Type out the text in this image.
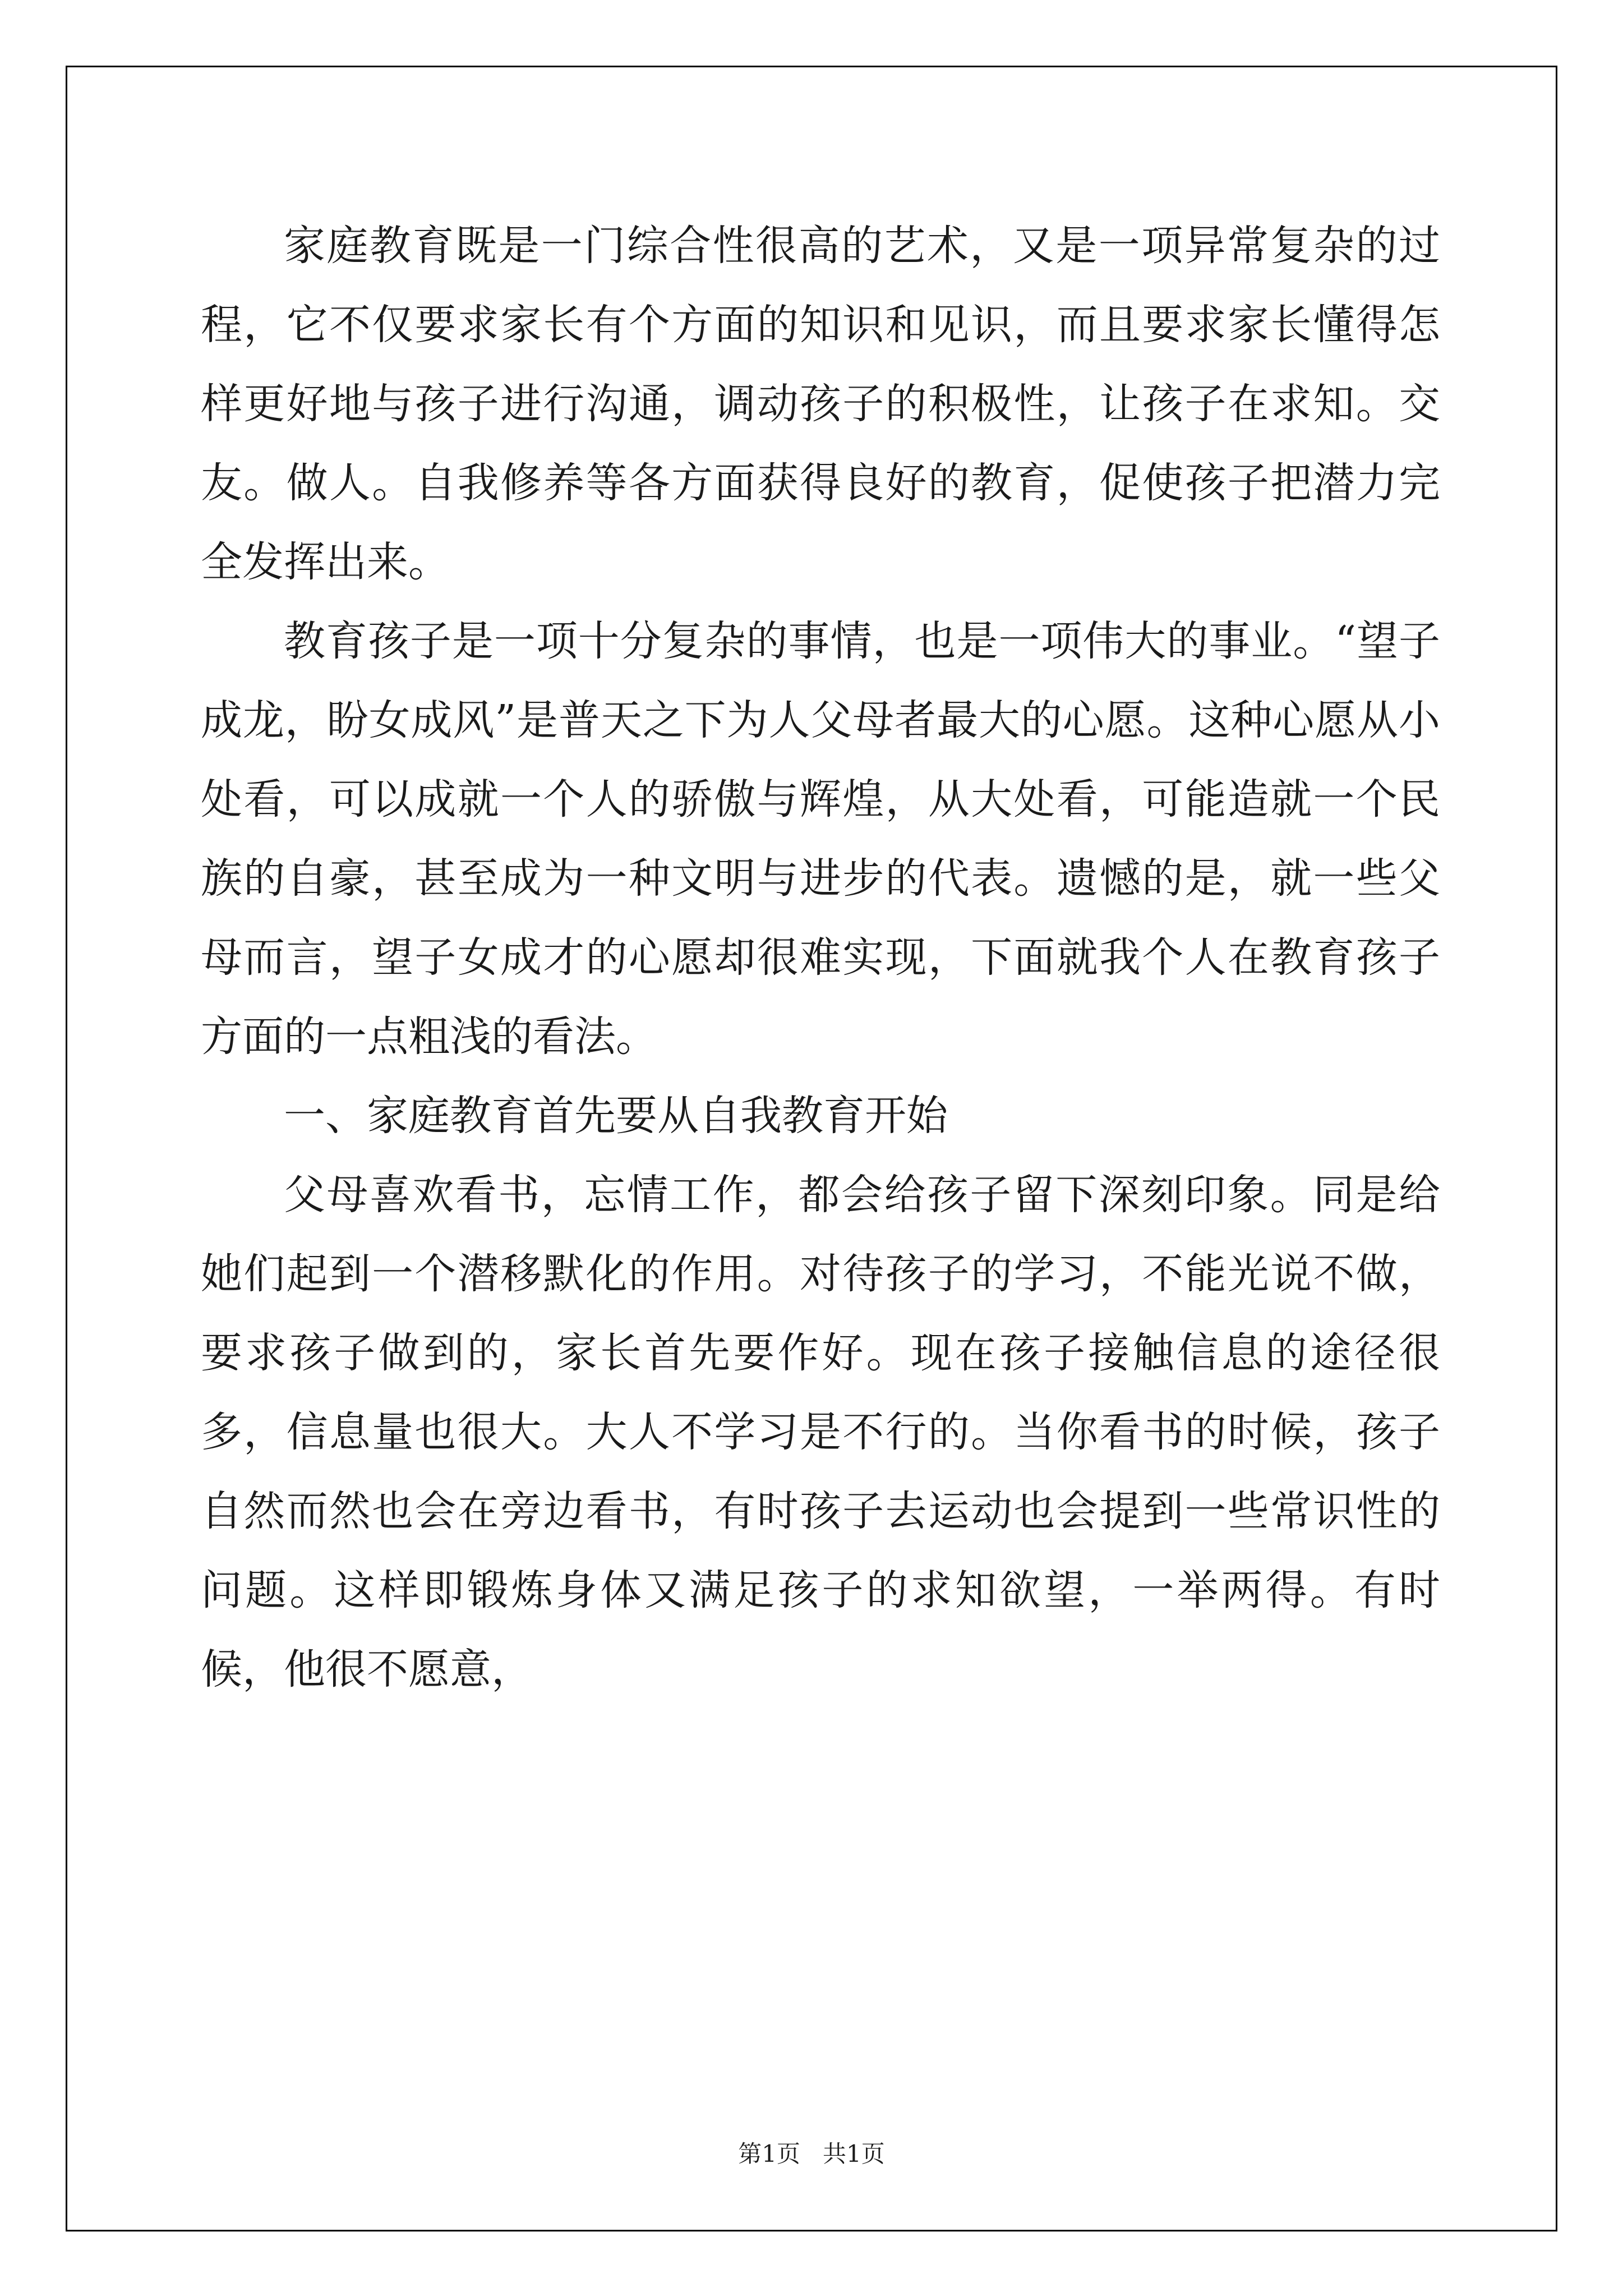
家庭教育既是一门综合性很高的艺术，又是一项异常复杂的过程，它不仅要求家长有个方面的知识和见识，而且要求家长懂得怎样更好地与孩子进行沟通，调动孩子的积极性，让孩子在求知。交友。做人。自我修养等各方面获得良好的教育，促使孩子把潜力完全发挥出来。

教育孩子是一项十分复杂的事情，也是一项伟大的事业。“望子成龙，盼女成风”是普天之下为人父母者最大的心愿。这种心愿从小处看，可以成就一个人的骄傲与辉煌，从大处看，可能造就一个民族的自豪，甚至成为一种文明与进步的代表。遗憾的是，就一些父母而言，望子女成才的心愿却很难实现，下面就我个人在教育孩子方面的一点粗浅的看法。

一、家庭教育首先要从自我教育开始

父母喜欢看书，忘情工作，都会给孩子留下深刻印象。同是给她们起到一个潜移默化的作用。对待孩子的学习，不能光说不做，要求孩子做到的，家长首先要作好。现在孩子接触信息的途径很多，信息量也很大。大人不学习是不行的。当你看书的时候，孩子自然而然也会在旁边看书，有时孩子去运动也会提到一些常识性的问题。这样即锻炼身体又满足孩子的求知欲望，一举两得。有时候，他很不愿意，

第1页 共1页
